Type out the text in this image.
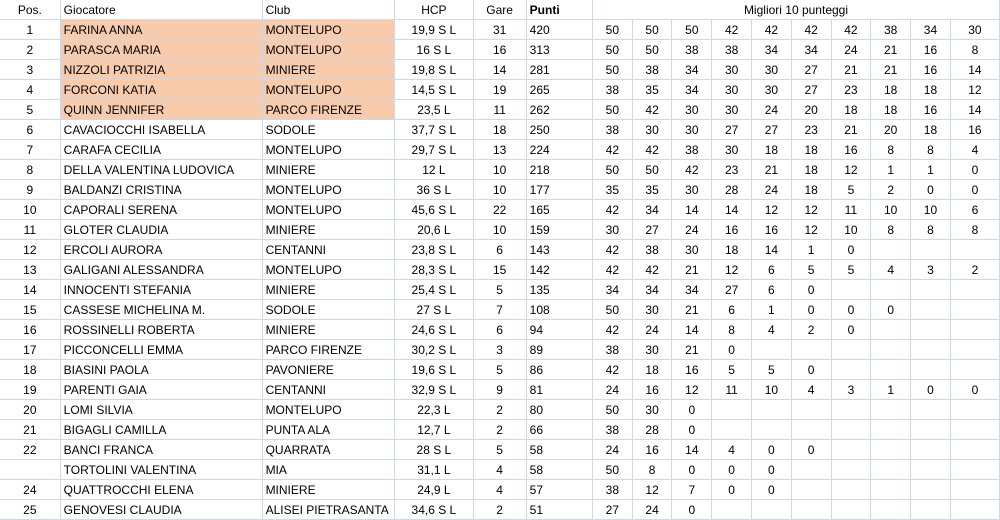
Pos.	Giocatore	Club	HCP	Gare	Punti	Migliori 10 punteggi									
1	FARINA ANNA	MONTELUPO	19,9 S L	31	420	50	50	50	42	42	42	42	38	34	30
2	PARASCA MARIA	MONTELUPO	16 S L	16	313	50	50	38	38	34	34	24	21	16	8
3	NIZZOLI PATRIZIA	MINIERE	19,8 S L	14	281	50	38	34	30	30	27	21	21	16	14
4	FORCONI KATIA	MONTELUPO	14,5 S L	19	265	38	35	34	30	30	27	23	18	18	12
5	QUINN JENNIFER	PARCO FIRENZE	23,5 L	11	262	50	42	30	30	24	20	18	18	16	14
6	CAVACIOCCHI ISABELLA	SODOLE	37,7 S L	18	250	38	30	30	27	27	23	21	20	18	16
7	CARAFA CECILIA	MONTELUPO	29,7 S L	13	224	42	42	38	30	18	18	16	8	8	4
8	DELLA VALENTINA LUDOVICA	MINIERE	12 L	10	218	50	50	42	23	21	18	12	1	1	0
9	BALDANZI CRISTINA	MONTELUPO	36 S L	10	177	35	35	30	28	24	18	5	2	0	0
10	CAPORALI SERENA	MONTELUPO	45,6 S L	22	165	42	34	14	14	12	12	11	10	10	6
11	GLOTER CLAUDIA	MINIERE	20,6 L	10	159	30	27	24	16	16	12	10	8	8	8
12	ERCOLI AURORA	CENTANNI	23,8 S L	6	143	42	38	30	18	14	1	0			
13	GALIGANI ALESSANDRA	MONTELUPO	28,3 S L	15	142	42	42	21	12	6	5	5	4	3	2
14	INNOCENTI STEFANIA	MINIERE	25,4 S L	5	135	34	34	34	27	6	0				
15	CASSESE MICHELINA M.	SODOLE	27 S L	7	108	50	30	21	6	1	0	0	0		
16	ROSSINELLI ROBERTA	MINIERE	24,6 S L	6	94	42	24	14	8	4	2	0			
17	PICCONCELLI EMMA	PARCO FIRENZE	30,2 S L	3	89	38	30	21	0						
18	BIASINI PAOLA	PAVONIERE	19,6 S L	5	86	42	18	16	5	5	0				
19	PARENTI GAIA	CENTANNI	32,9 S L	9	81	24	16	12	11	10	4	3	1	0	0
20	LOMI SILVIA	MONTELUPO	22,3 L	2	80	50	30	0							
21	BIGAGLI CAMILLA	PUNTA ALA	12,7 L	2	66	38	28	0							
22	BANCI FRANCA	QUARRATA	28 S L	5	58	24	16	14	4	0	0				
	TORTOLINI VALENTINA	MIA	31,1 L	4	58	50	8	0	0	0					
24	QUATTROCCHI ELENA	MINIERE	24,9 L	4	57	38	12	7	0	0					
25	GENOVESI CLAUDIA	ALISEI PIETRASANTA	34,6 S L	2	51	27	24	0							
